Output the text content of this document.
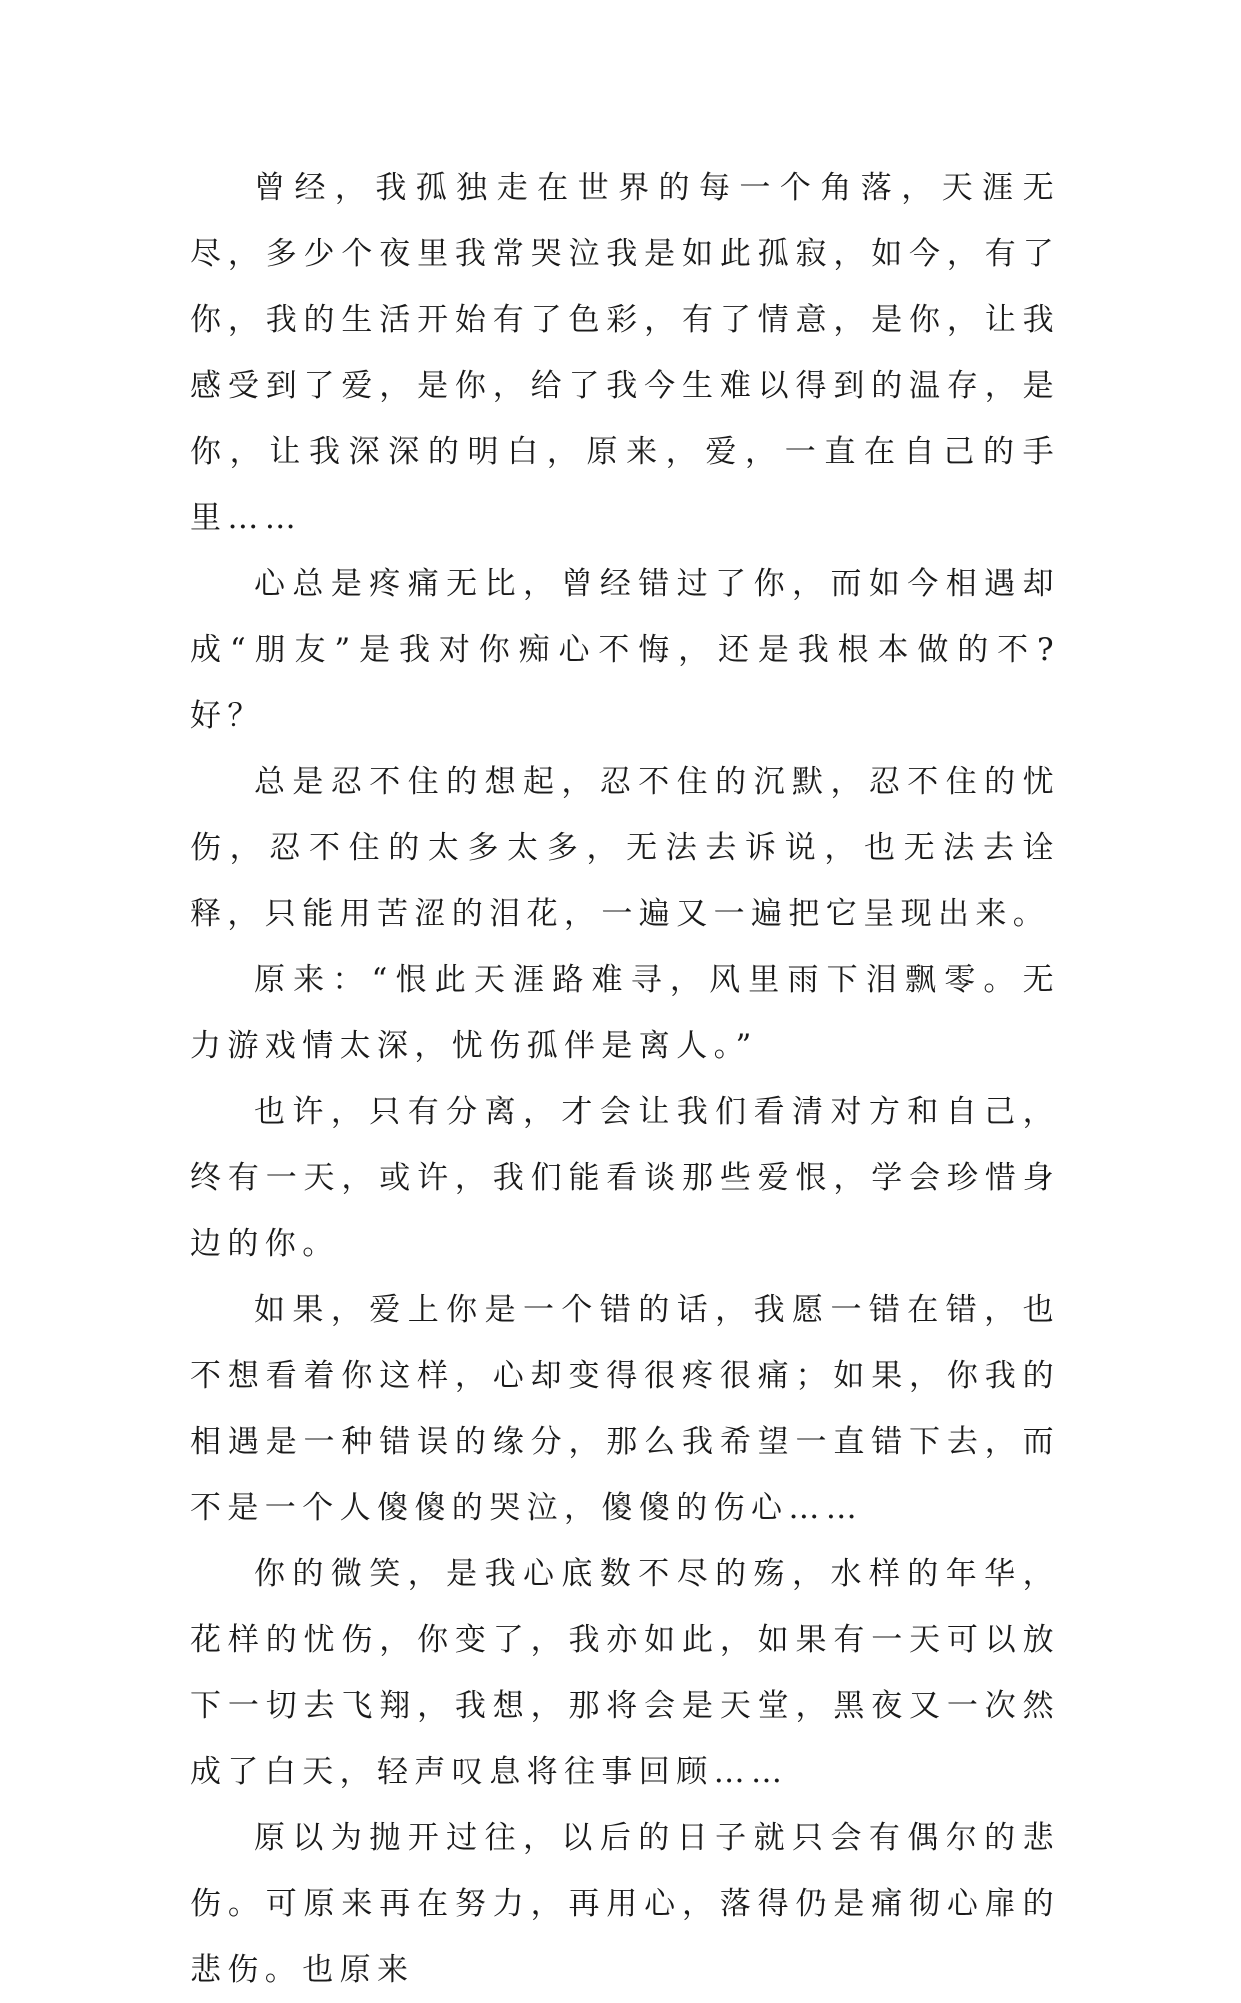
曾经，我孤独走在世界的每一个角落，天涯无尽，多少个夜里我常哭泣我是如此孤寂，如今，有了你，我的生活开始有了色彩，有了情意，是你，让我感受到了爱，是你，给了我今生难以得到的温存，是你，让我深深的明白，原来，爱，一直在自己的手里……

心总是疼痛无比，曾经错过了你，而如今相遇却成“朋友”是我对你痴心不悔，还是我根本做的不?好？

总是忍不住的想起，忍不住的沉默，忍不住的忧伤，忍不住的太多太多，无法去诉说，也无法去诠释，只能用苦涩的泪花，一遍又一遍把它呈现出来。

原来：“恨此天涯路难寻，风里雨下泪飘零。无力游戏情太深，忧伤孤伴是离人。”

也许，只有分离，才会让我们看清对方和自己，终有一天，或许，我们能看谈那些爱恨，学会珍惜身边的你。

如果，爱上你是一个错的话，我愿一错在错，也不想看着你这样，心却变得很疼很痛；如果，你我的相遇是一种错误的缘分，那么我希望一直错下去，而不是一个人傻傻的哭泣，傻傻的伤心……

你的微笑，是我心底数不尽的殇，水样的年华，花样的忧伤，你变了，我亦如此，如果有一天可以放下一切去飞翔，我想，那将会是天堂，黑夜又一次然成了白天，轻声叹息将往事回顾……

原以为抛开过往，以后的日子就只会有偶尔的悲伤。可原来再在努力，再用心，落得仍是痛彻心扉的悲伤。也原来
